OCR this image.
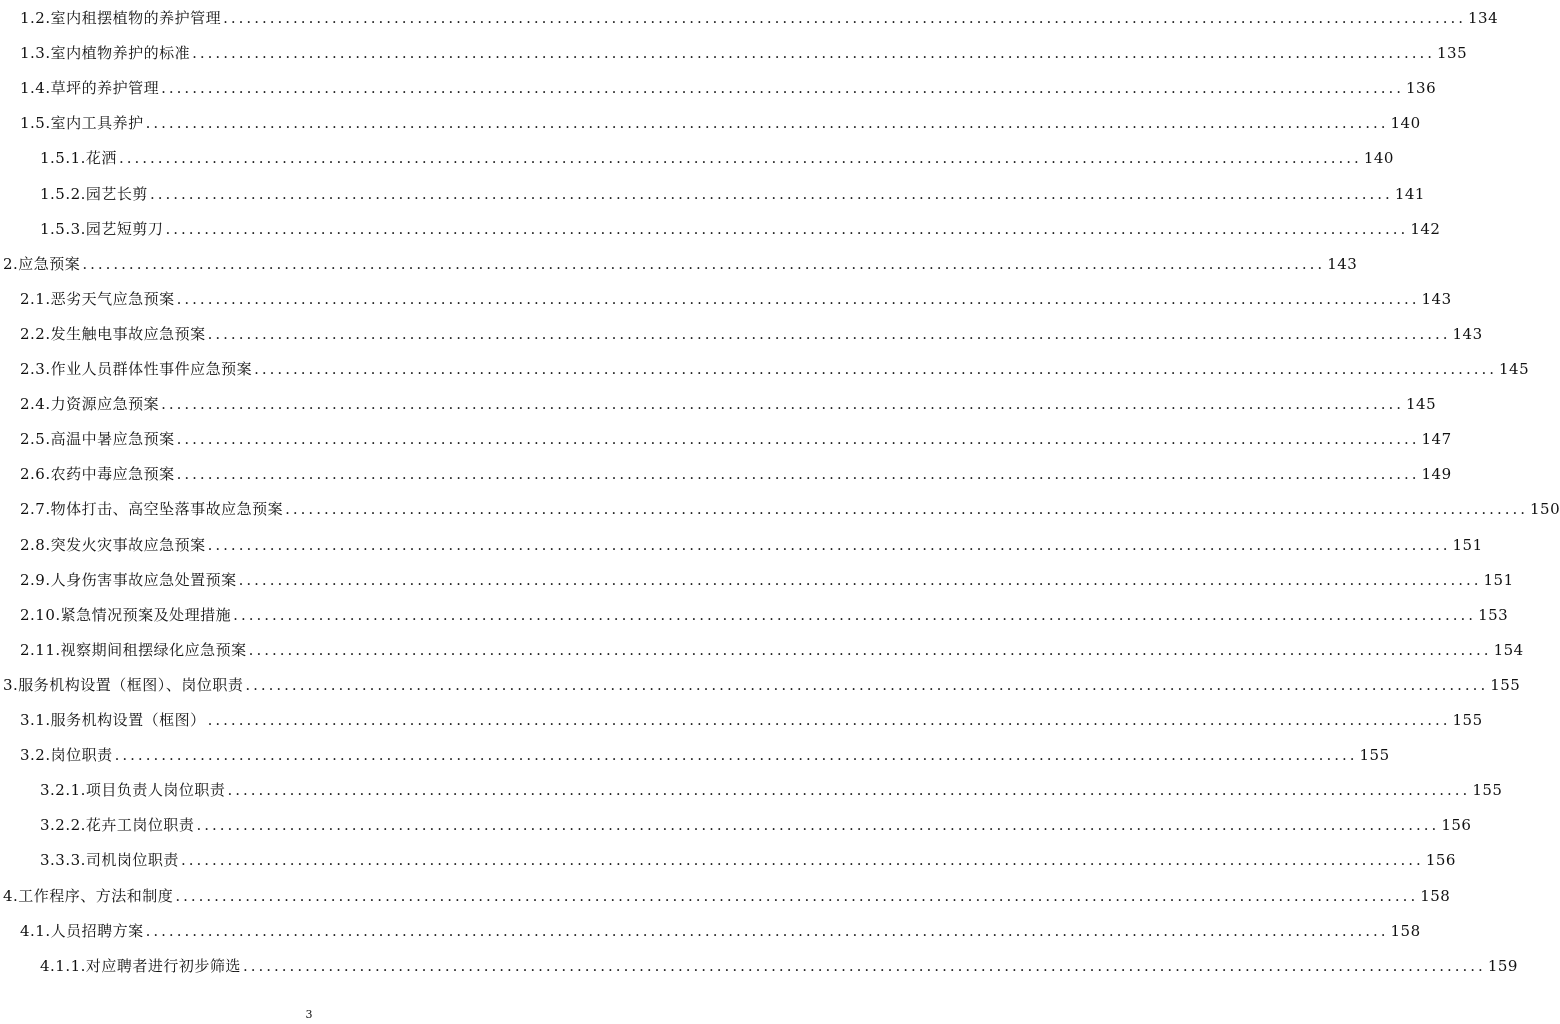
1.2.室内租摆植物的养护管理 ................................................................................................................................................................ 134
1.3.室内植物养护的标准 ................................................................................................................................................................ 135
1.4.草坪的养护管理 ................................................................................................................................................................ 136
1.5.室内工具养护 ................................................................................................................................................................ 140
1.5.1.花洒 ................................................................................................................................................................ 140
1.5.2.园艺长剪 ................................................................................................................................................................ 141
1.5.3.园艺短剪刀 ................................................................................................................................................................ 142
2.应急预案 ................................................................................................................................................................ 143
2.1.恶劣天气应急预案 ................................................................................................................................................................ 143
2.2.发生触电事故应急预案 ................................................................................................................................................................ 143
2.3.作业人员群体性事件应急预案 ................................................................................................................................................................ 145
2.4.力资源应急预案 ................................................................................................................................................................ 145
2.5.高温中暑应急预案 ................................................................................................................................................................ 147
2.6.农药中毒应急预案 ................................................................................................................................................................ 149
2.7.物体打击、高空坠落事故应急预案 ................................................................................................................................................................ 150
2.8.突发火灾事故应急预案 ................................................................................................................................................................ 151
2.9.人身伤害事故应急处置预案 ................................................................................................................................................................ 151
2.10.紧急情况预案及处理措施 ................................................................................................................................................................ 153
2.11.视察期间租摆绿化应急预案 ................................................................................................................................................................ 154
3.服务机构设置（框图）、岗位职责 ................................................................................................................................................................ 155
3.1.服务机构设置（框图） ................................................................................................................................................................ 155
3.2.岗位职责 ................................................................................................................................................................ 155
3.2.1.项目负责人岗位职责 ................................................................................................................................................................ 155
3.2.2.花卉工岗位职责 ................................................................................................................................................................ 156
3.3.3.司机岗位职责 ................................................................................................................................................................ 156
4.工作程序、方法和制度 ................................................................................................................................................................ 158
4.1.人员招聘方案 ................................................................................................................................................................ 158
4.1.1.对应聘者进行初步筛选 ................................................................................................................................................................ 159
3
